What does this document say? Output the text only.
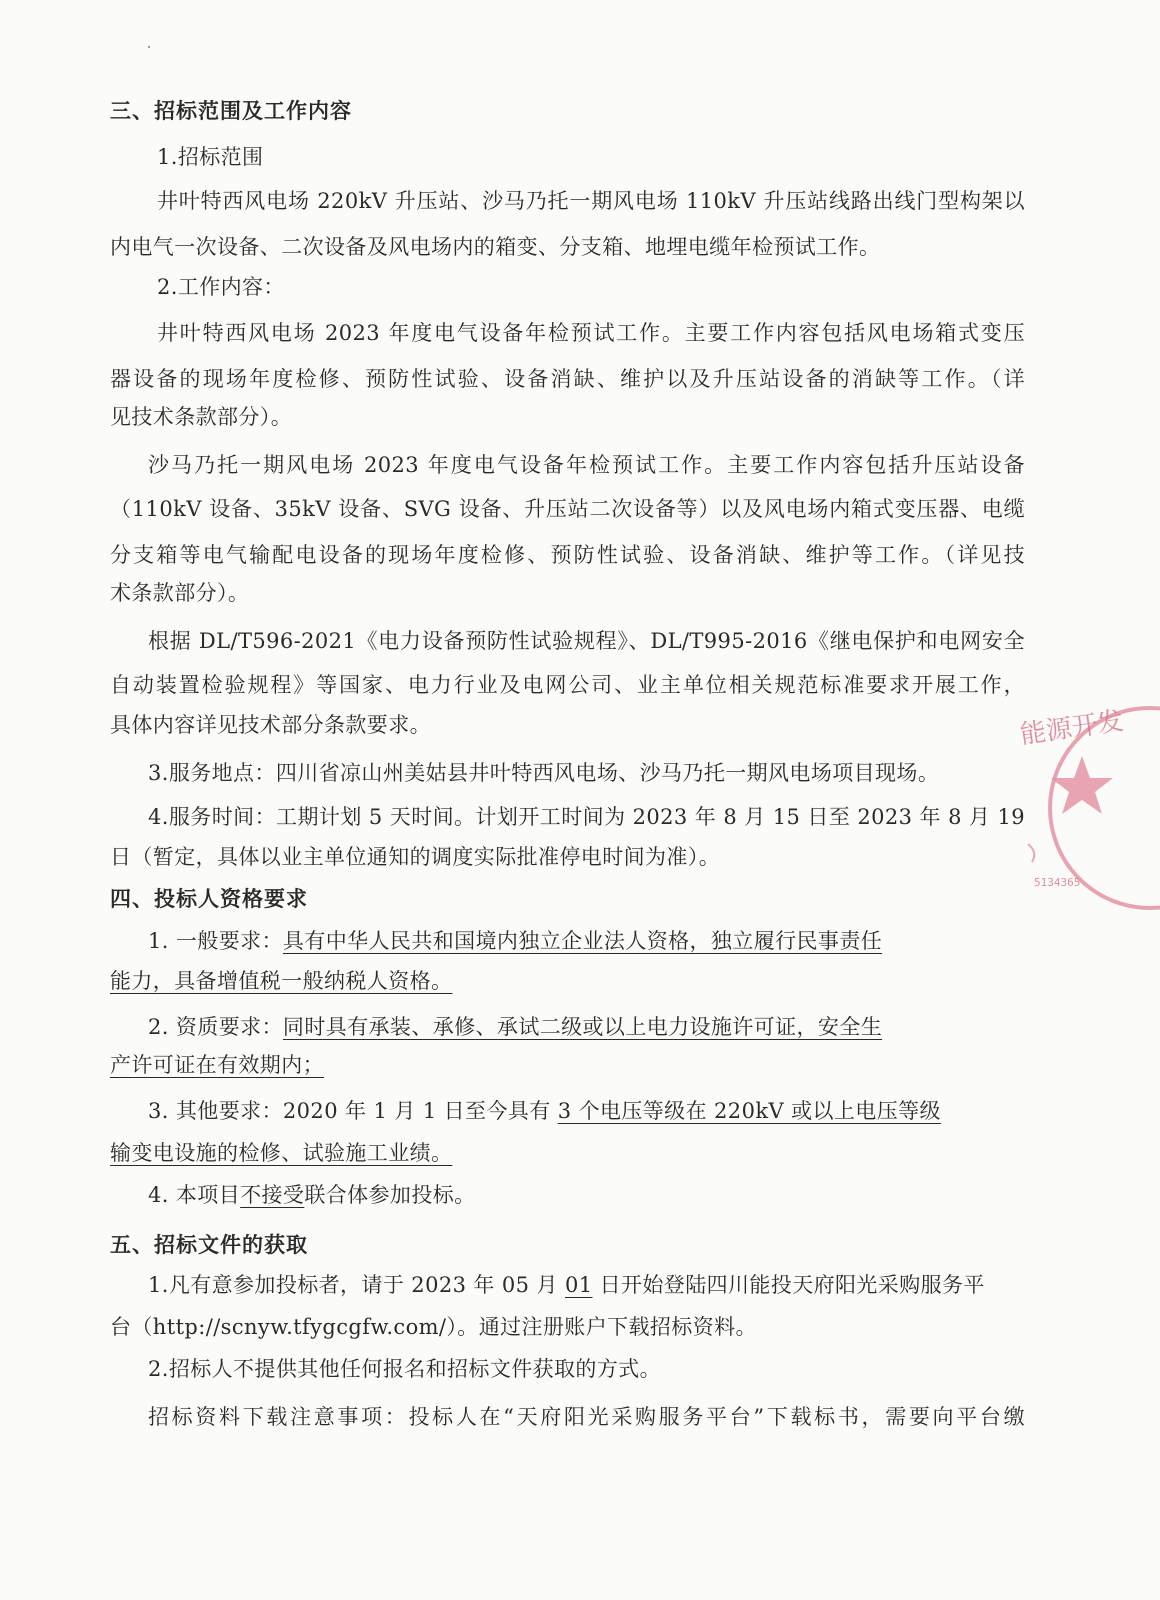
三、招标范围及工作内容
1.招标范围
井叶特西风电场 220kV 升压站、沙马乃托一期风电场 110kV 升压站线路出线门型构架以
内电气一次设备、二次设备及风电场内的箱变、分支箱、地埋电缆年检预试工作。
2.工作内容：
井叶特西风电场 2023 年度电气设备年检预试工作。主要工作内容包括风电场箱式变压
器设备的现场年度检修、预防性试验、设备消缺、维护以及升压站设备的消缺等工作。（详
见技术条款部分）。
沙马乃托一期风电场 2023 年度电气设备年检预试工作。主要工作内容包括升压站设备
（110kV 设备、35kV 设备、SVG 设备、升压站二次设备等）以及风电场内箱式变压器、电缆
分支箱等电气输配电设备的现场年度检修、预防性试验、设备消缺、维护等工作。（详见技
术条款部分）。
根据 DL/T596-2021《电力设备预防性试验规程》、DL/T995-2016《继电保护和电网安全
自动装置检验规程》等国家、电力行业及电网公司、业主单位相关规范标准要求开展工作，
具体内容详见技术部分条款要求。
3.服务地点：四川省凉山州美姑县井叶特西风电场、沙马乃托一期风电场项目现场。
4.服务时间：工期计划 5 天时间。计划开工时间为 2023 年 8 月 15 日至 2023 年 8 月 19
日（暂定，具体以业主单位通知的调度实际批准停电时间为准）。
四、投标人资格要求
1. 一般要求：具有中华人民共和国境内独立企业法人资格，独立履行民事责任
能力，具备增值税一般纳税人资格。
2. 资质要求：同时具有承装、承修、承试二级或以上电力设施许可证，安全生
产许可证在有效期内；
3. 其他要求：2020 年 1 月 1 日至今具有 3 个电压等级在 220kV 或以上电压等级
输变电设施的检修、试验施工业绩。
4. 本项目不接受联合体参加投标。
五、招标文件的获取
1.凡有意参加投标者，请于 2023 年 05 月 01 日开始登陆四川能投天府阳光采购服务平
台（http://scnyw.tfygcgfw.com/）。通过注册账户下载招标资料。
2.招标人不提供其他任何报名和招标文件获取的方式。
招标资料下载注意事项：投标人在“天府阳光采购服务平台”下载标书，需要向平台缴
能源开发
5134365
